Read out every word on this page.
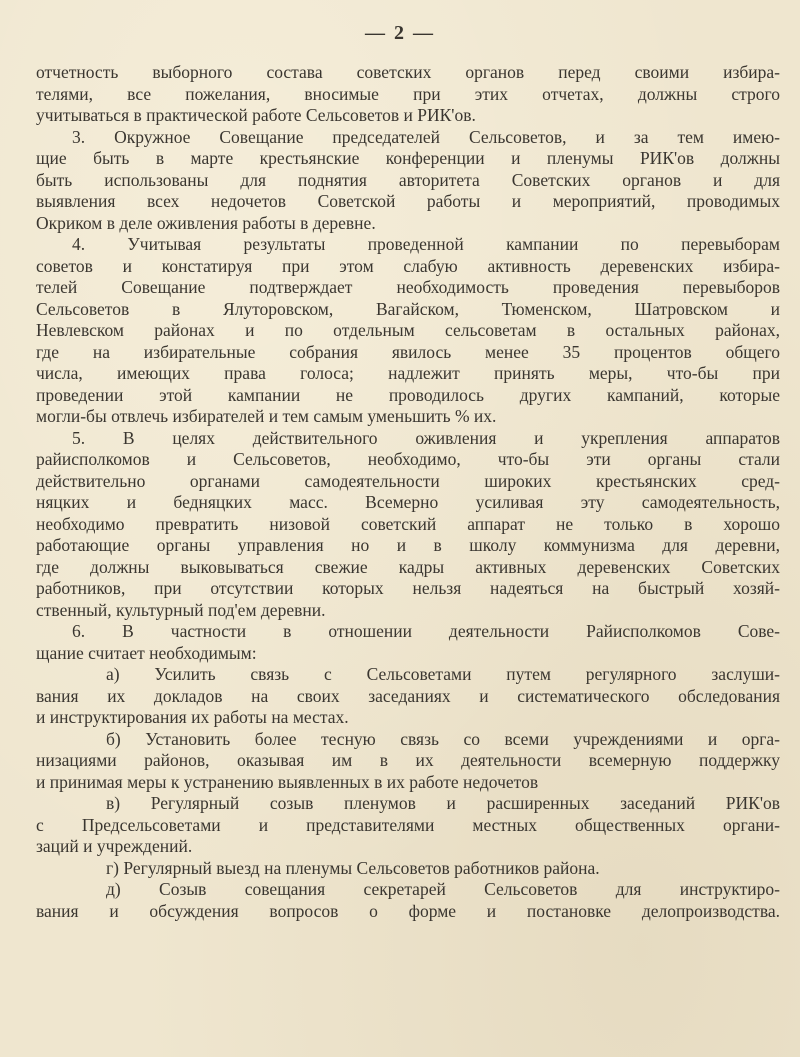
— 2 —
отчетность выборного состава советских органов перед своими избира-
телями, все пожелания, вносимые при этих отчетах, должны строго
учитываться в практической работе Сельсоветов и РИК'ов.
3. Окружное Совещание председателей Сельсоветов, и за тем имею-
щие быть в марте крестьянские конференции и пленумы РИК'ов должны
быть использованы для поднятия авторитета Советских органов и для
выявления всех недочетов Советской работы и мероприятий, проводимых
Окриком в деле оживления работы в деревне.
4. Учитывая результаты проведенной кампании по перевыборам
советов и констатируя при этом слабую активность деревенских избира-
телей Совещание подтверждает необходимость проведения перевыборов
Сельсоветов в Ялуторовском, Вагайском, Тюменском, Шатровском и
Невлевском районах и по отдельным сельсоветам в остальных районах,
где на избирательные собрания явилось менее 35 процентов общего
числа, имеющих права голоса; надлежит принять меры, что-бы при
проведении этой кампании не проводилось других кампаний, которые
могли-бы отвлечь избирателей и тем самым уменьшить % их.
5. В целях действительного оживления и укрепления аппаратов
райисполкомов и Сельсоветов, необходимо, что-бы эти органы стали
действительно органами самодеятельности широких крестьянских сред-
няцких и бедняцких масс. Всемерно усиливая эту самодеятельность,
необходимо превратить низовой советский аппарат не только в хорошо
работающие органы управления но и в школу коммунизма для деревни,
где должны выковываться свежие кадры активных деревенских Советских
работников, при отсутствии которых нельзя надеяться на быстрый хозяй-
ственный, культурный под'ем деревни.
6. В частности в отношении деятельности Райисполкомов Сове-
щание считает необходимым:
а) Усилить связь с Сельсоветами путем регулярного заслуши-
вания их докладов на своих заседаниях и систематического обследования
и инструктирования их работы на местах.
б) Установить более тесную связь со всеми учреждениями и орга-
низациями районов, оказывая им в их деятельности всемерную поддержку
и принимая меры к устранению выявленных в их работе недочетов
в) Регулярный созыв пленумов и расширенных заседаний РИК'ов
с Предсельсоветами и представителями местных общественных органи-
заций и учреждений.
г) Регулярный выезд на пленумы Сельсоветов работников района.
д) Созыв совещания секретарей Сельсоветов для инструктиро-
вания и обсуждения вопросов о форме и постановке делопроизводства.
